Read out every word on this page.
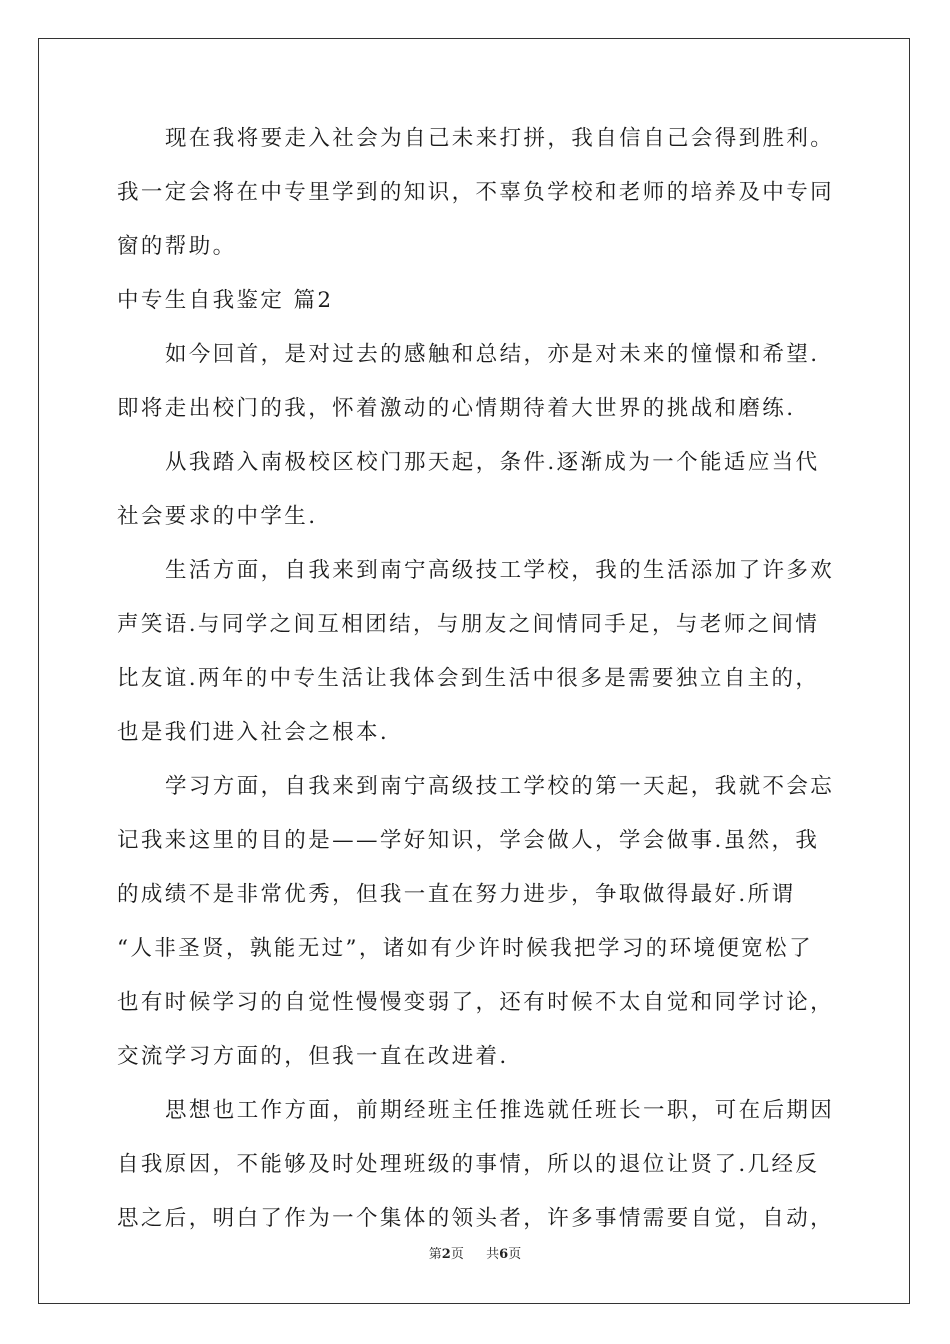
现在我将要走入社会为自己未来打拼，我自信自己会得到胜利。
我一定会将在中专里学到的知识，不辜负学校和老师的培养及中专同
窗的帮助。
中专生自我鉴定 篇2
如今回首，是对过去的感触和总结，亦是对未来的憧憬和希望.
即将走出校门的我，怀着激动的心情期待着大世界的挑战和磨练.
从我踏入南极校区校门那天起，条件.逐渐成为一个能适应当代
社会要求的中学生.
生活方面，自我来到南宁高级技工学校，我的生活添加了许多欢
声笑语.与同学之间互相团结，与朋友之间情同手足，与老师之间情
比友谊.两年的中专生活让我体会到生活中很多是需要独立自主的，
也是我们进入社会之根本.
学习方面，自我来到南宁高级技工学校的第一天起，我就不会忘
记我来这里的目的是——学好知识，学会做人，学会做事.虽然，我
的成绩不是非常优秀，但我一直在努力进步，争取做得最好.所谓
“人非圣贤，孰能无过”，诸如有少许时候我把学习的环境便宽松了
也有时候学习的自觉性慢慢变弱了，还有时候不太自觉和同学讨论，
交流学习方面的，但我一直在改进着.
思想也工作方面，前期经班主任推选就任班长一职，可在后期因
自我原因，不能够及时处理班级的事情，所以的退位让贤了.几经反
思之后，明白了作为一个集体的领头者，许多事情需要自觉，自动，
第2页 共6页
